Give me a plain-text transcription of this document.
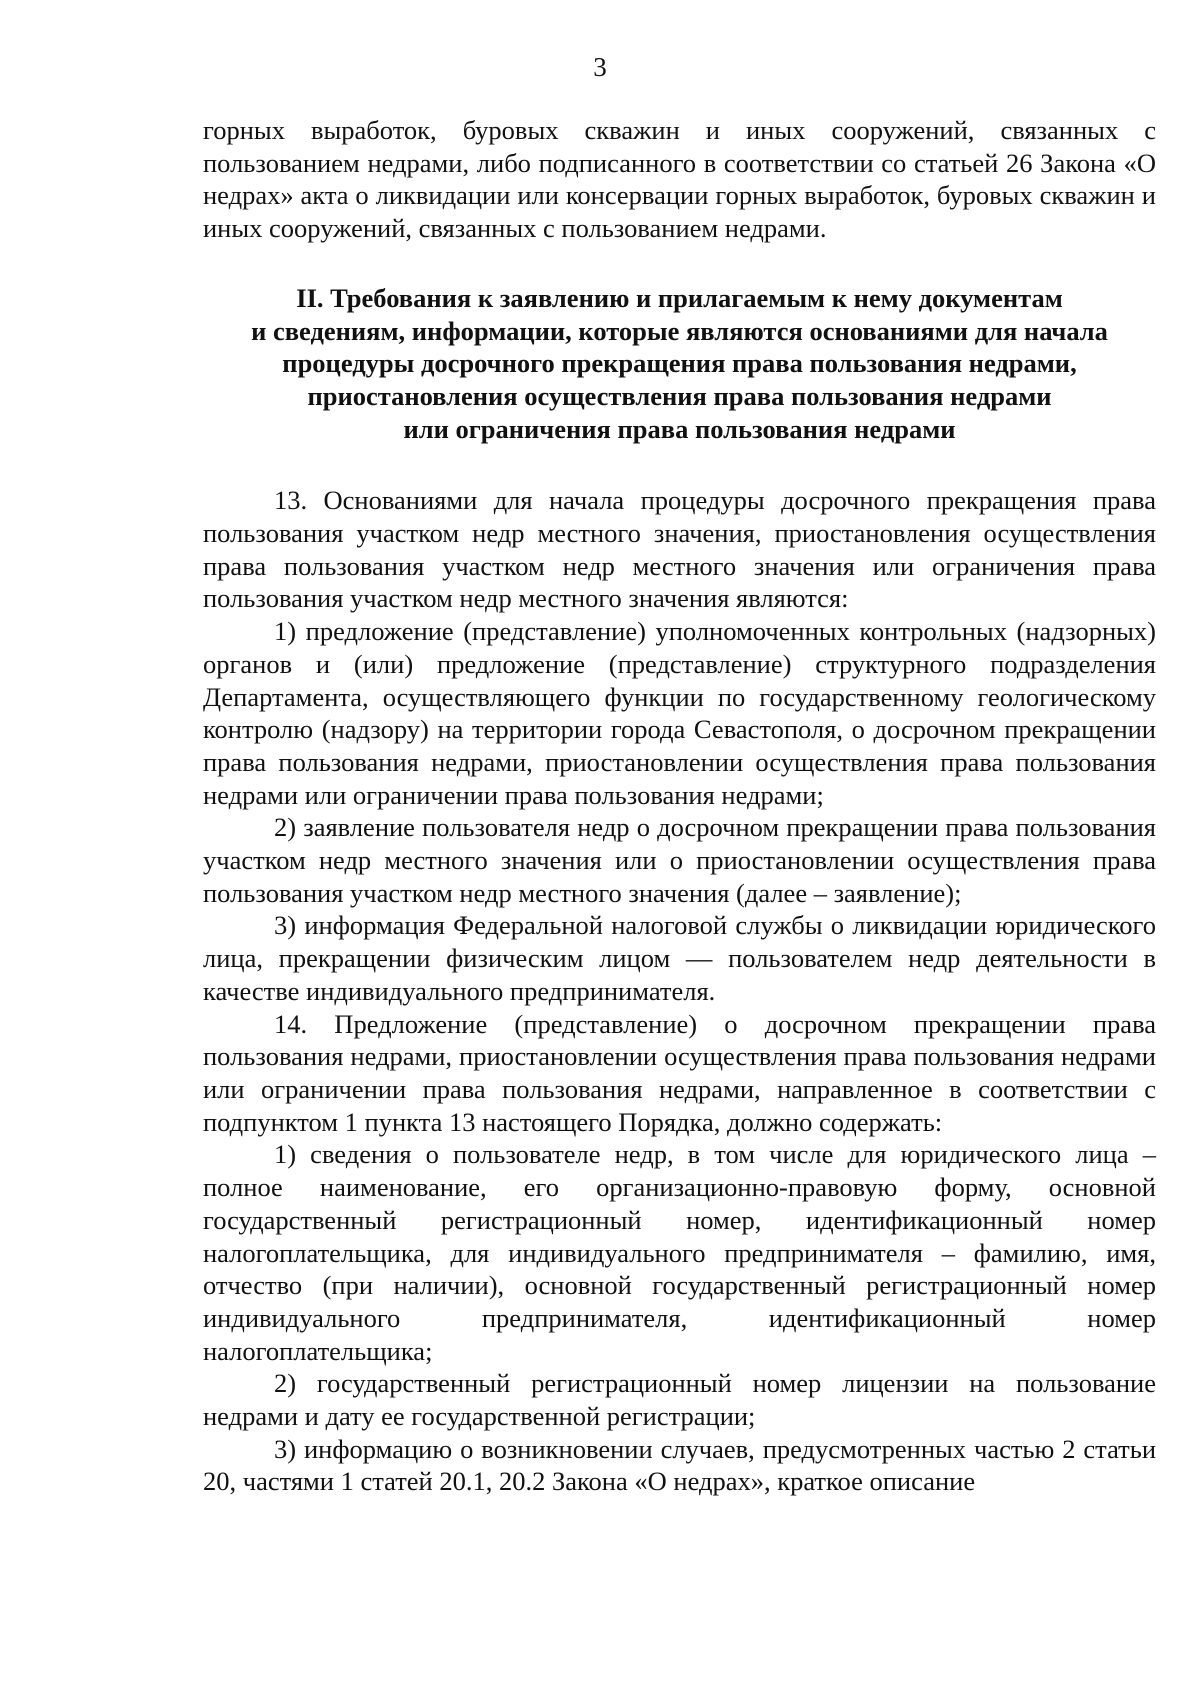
3

горных выработок, буровых скважин и иных сооружений, связанных с пользованием недрами, либо подписанного в соответствии со статьей 26 Закона «О недрах» акта о ликвидации или консервации горных выработок, буровых скважин и иных сооружений, связанных с пользованием недрами.

II. Требования к заявлению и прилагаемым к нему документам
и сведениям, информации, которые являются основаниями для начала
процедуры досрочного прекращения права пользования недрами,
приостановления осуществления права пользования недрами
или ограничения права пользования недрами

13. Основаниями для начала процедуры досрочного прекращения права пользования участком недр местного значения, приостановления осуществления права пользования участком недр местного значения или ограничения права пользования участком недр местного значения являются:

1) предложение (представление) уполномоченных контрольных (надзорных) органов и (или) предложение (представление) структурного подразделения Департамента, осуществляющего функции по государственному геологическому контролю (надзору) на территории города Севастополя, о досрочном прекращении права пользования недрами, приостановлении осуществления права пользования недрами или ограничении права пользования недрами;

2) заявление пользователя недр о досрочном прекращении права пользования участком недр местного значения или о приостановлении осуществления права пользования участком недр местного значения (далее – заявление);

3) информация Федеральной налоговой службы о ликвидации юридического лица, прекращении физическим лицом — пользователем недр деятельности в качестве индивидуального предпринимателя.

14. Предложение (представление) о досрочном прекращении права пользования недрами, приостановлении осуществления права пользования недрами или ограничении права пользования недрами, направленное в соответствии с подпунктом 1 пункта 13 настоящего Порядка, должно содержать:

1) сведения о пользователе недр, в том числе для юридического лица – полное наименование, его организационно-правовую форму, основной государственный регистрационный номер, идентификационный номер налогоплательщика, для индивидуального предпринимателя – фамилию, имя, отчество (при наличии), основной государственный регистрационный номер индивидуального предпринимателя, идентификационный номер налогоплательщика;

2) государственный регистрационный номер лицензии на пользование недрами и дату ее государственной регистрации;

3) информацию о возникновении случаев, предусмотренных частью 2 статьи 20, частями 1 статей 20.1, 20.2 Закона «О недрах», краткое описание
